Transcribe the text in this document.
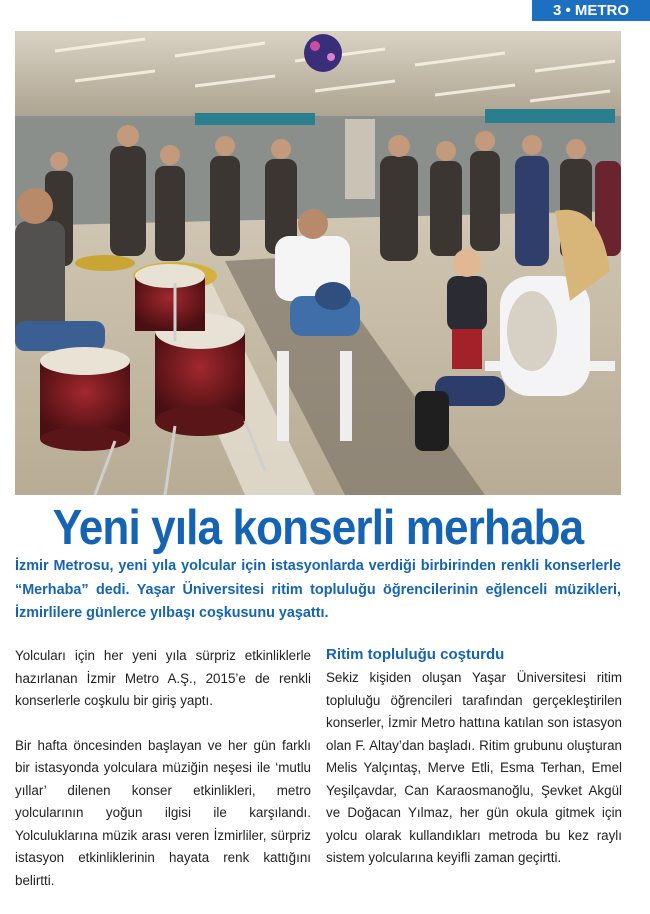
3 • METRO
Yeni yıla konserli merhaba

İzmir Metrosu, yeni yıla yolcular için istasyonlarda verdiği birbirinden renkli konserlerle “Merhaba” dedi. Yaşar Üniversitesi ritim topluluğu öğrencilerinin eğlenceli müzikleri, İzmirlilere günlerce yılbaşı coşkusunu yaşattı.

Yolcuları için her yeni yıla sürpriz etkinliklerle hazırlanan İzmir Metro A.Ş., 2015’e de renkli konserlerle coşkulu bir giriş yaptı.

Bir hafta öncesinden başlayan ve her gün farklı bir istasyonda yolculara müziğin neşesi ile ‘mutlu yıllar’ dilenen konser etkinlikleri, metro yolcularının yoğun ilgisi ile karşılandı. Yolculuklarına müzik arası veren İzmirliler, sürpriz istasyon etkinliklerinin hayata renk kattığını belirtti.

Ritim topluluğu coşturdu

Sekiz kişiden oluşan Yaşar Üniversitesi ritim topluluğu öğrencileri tarafından gerçekleştirilen konserler, İzmir Metro hattına katılan son istasyon olan F. Altay’dan başladı. Ritim grubunu oluşturan Melis Yalçıntaş, Merve Etli, Esma Terhan, Emel Yeşilçavdar, Can Karaosmanoğlu, Şevket Akgül ve Doğacan Yılmaz, her gün okula gitmek için yolcu olarak kullandıkları metroda bu kez raylı sistem yolcularına keyifli zaman geçirtti.
